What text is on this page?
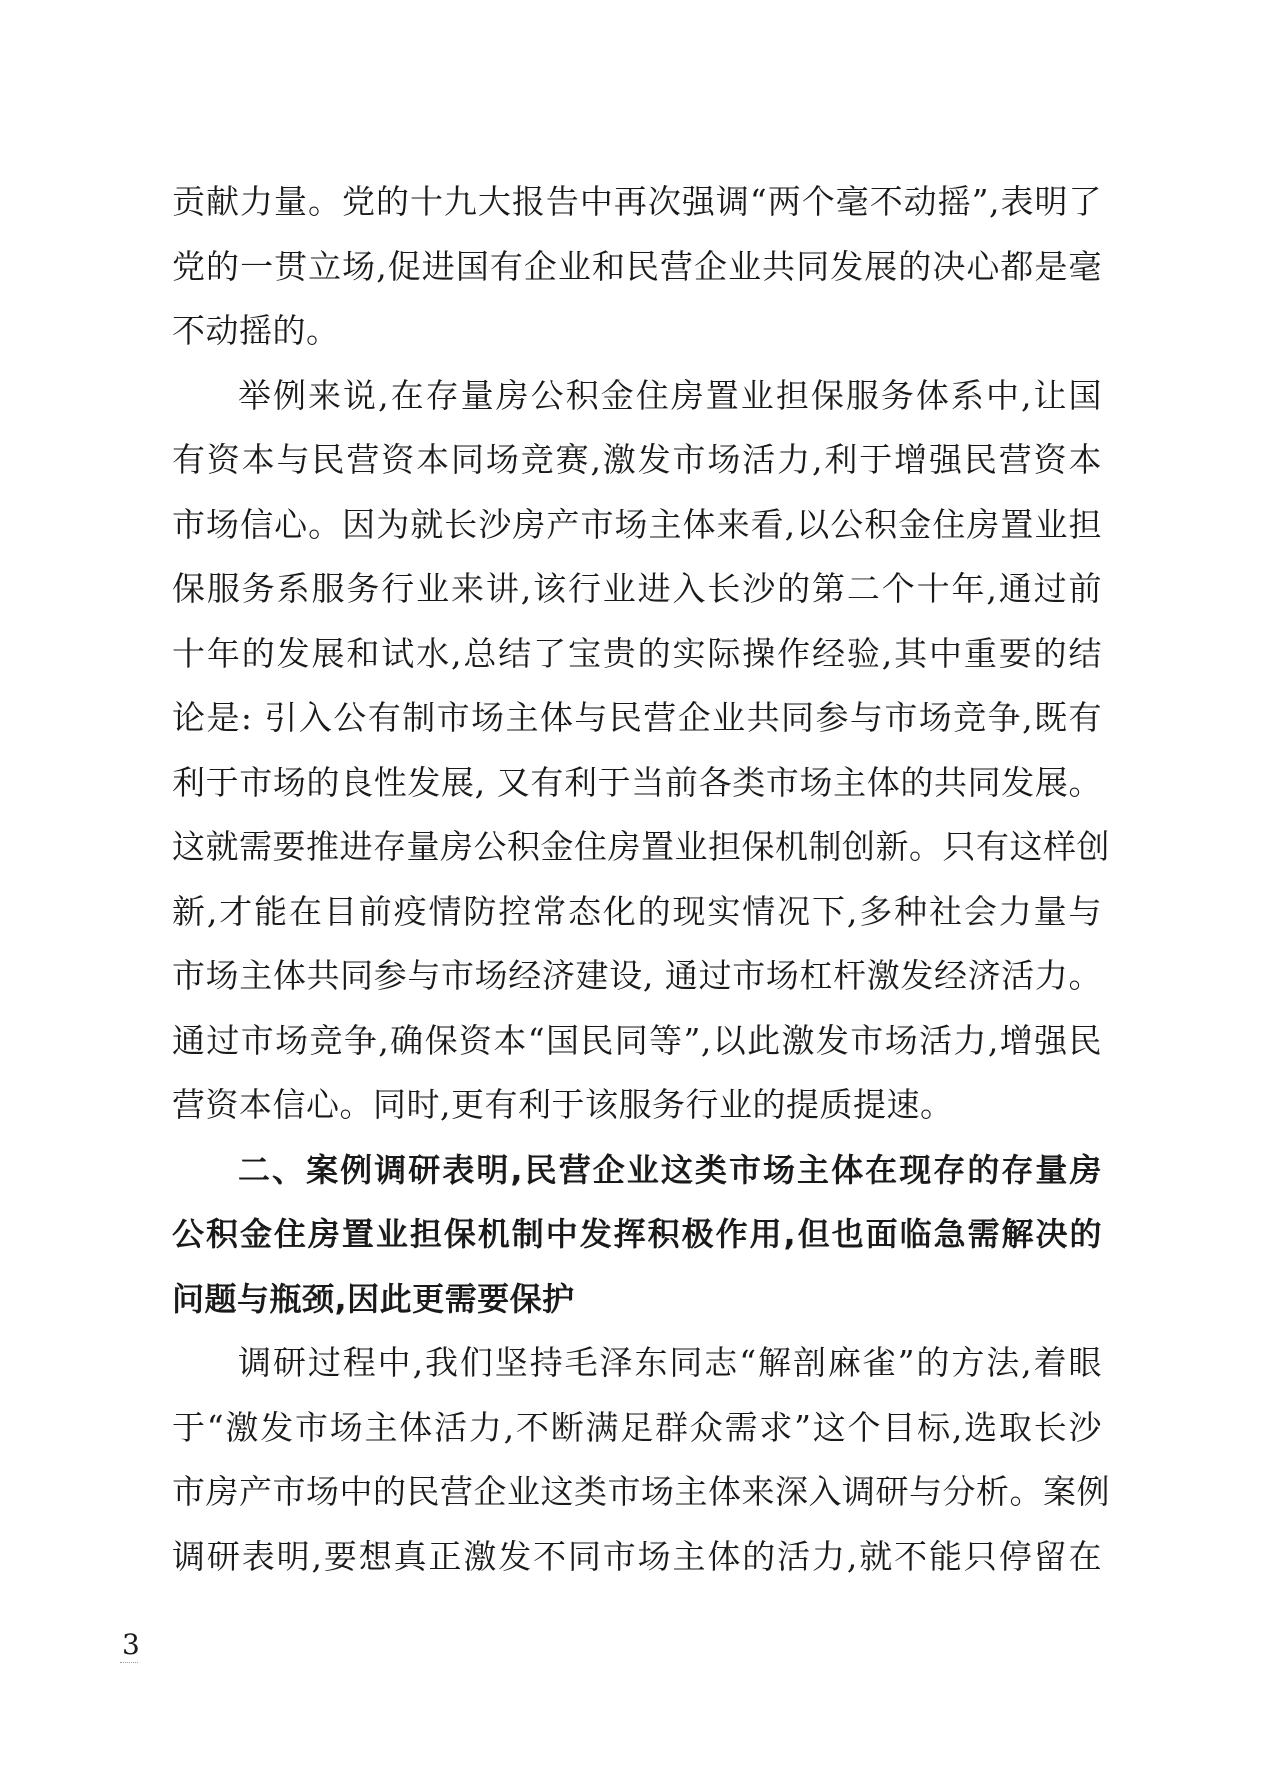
贡献力量。党的十九大报告中再次强调“两个毫不动摇”,表明了
党的一贯立场,促进国有企业和民营企业共同发展的决心都是毫
不动摇的。
举例来说,在存量房公积金住房置业担保服务体系中,让国
有资本与民营资本同场竞赛,激发市场活力,利于增强民营资本
市场信心。因为就长沙房产市场主体来看,以公积金住房置业担
保服务系服务行业来讲,该行业进入长沙的第二个十年,通过前
十年的发展和试水,总结了宝贵的实际操作经验,其中重要的结
论是: 引入公有制市场主体与民营企业共同参与市场竞争,既有
利于市场的良性发展, 又有利于当前各类市场主体的共同发展。
这就需要推进存量房公积金住房置业担保机制创新。只有这样创
新,才能在目前疫情防控常态化的现实情况下,多种社会力量与
市场主体共同参与市场经济建设, 通过市场杠杆激发经济活力。
通过市场竞争,确保资本“国民同等”,以此激发市场活力,增强民
营资本信心。同时,更有利于该服务行业的提质提速。
二、案例调研表明,民营企业这类市场主体在现存的存量房
公积金住房置业担保机制中发挥积极作用,但也面临急需解决的
问题与瓶颈,因此更需要保护
调研过程中,我们坚持毛泽东同志“解剖麻雀”的方法,着眼
于“激发市场主体活力,不断满足群众需求”这个目标,选取长沙
市房产市场中的民营企业这类市场主体来深入调研与分析。案例
调研表明,要想真正激发不同市场主体的活力,就不能只停留在
3
